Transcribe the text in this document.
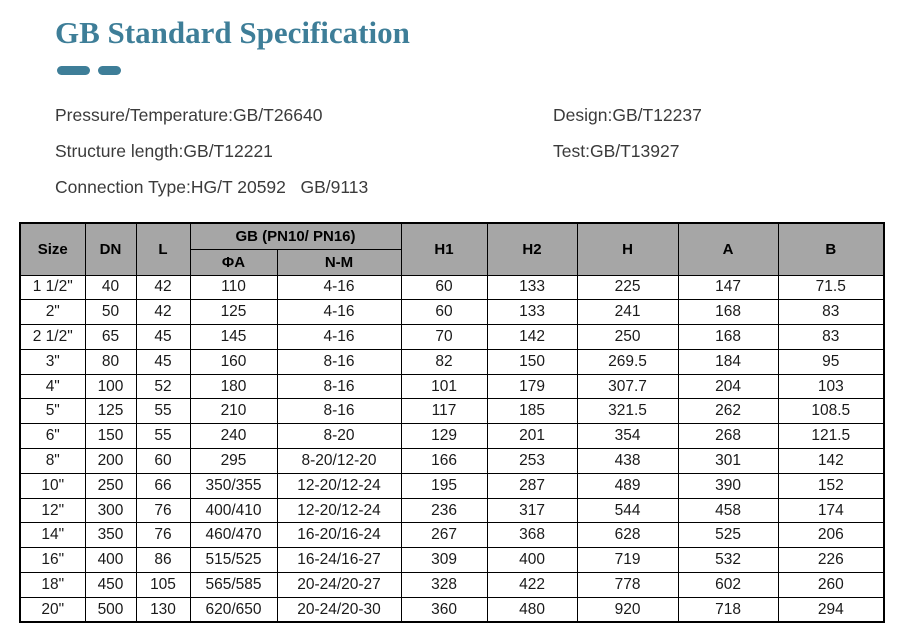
GB Standard Specification
Pressure/Temperature:GB/T26640	Design:GB/T12237
Structure length:GB/T12221	Test:GB/T13927
Connection Type:HG/T 20592   GB/9113
Size	DN	L	GB (PN10/ PN16)		H1	H2	H	A	B
			ΦA	N-M					
1 1/2"	40	42	110	4-16	60	133	225	147	71.5
2"	50	42	125	4-16	60	133	241	168	83
2 1/2"	65	45	145	4-16	70	142	250	168	83
3"	80	45	160	8-16	82	150	269.5	184	95
4"	100	52	180	8-16	101	179	307.7	204	103
5"	125	55	210	8-16	117	185	321.5	262	108.5
6"	150	55	240	8-20	129	201	354	268	121.5
8"	200	60	295	8-20/12-20	166	253	438	301	142
10"	250	66	350/355	12-20/12-24	195	287	489	390	152
12"	300	76	400/410	12-20/12-24	236	317	544	458	174
14"	350	76	460/470	16-20/16-24	267	368	628	525	206
16"	400	86	515/525	16-24/16-27	309	400	719	532	226
18"	450	105	565/585	20-24/20-27	328	422	778	602	260
20"	500	130	620/650	20-24/20-30	360	480	920	718	294
